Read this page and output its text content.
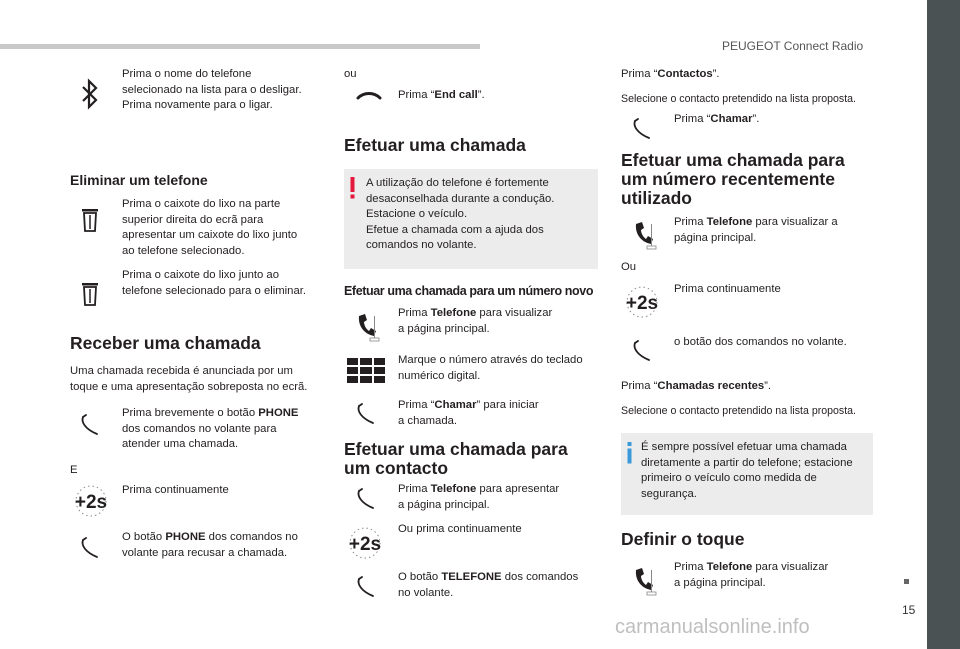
PEUGEOT Connect Radio
15
carmanualsonline.info
Prima o nome do telefone
selecionado na lista para o desligar.
Prima novamente para o ligar.
Eliminar um telefone
Prima o caixote do lixo na parte
superior direita do ecrã para
apresentar um caixote do lixo junto
ao telefone selecionado.
Prima o caixote do lixo junto ao
telefone selecionado para o eliminar.
Receber uma chamada
Uma chamada recebida é anunciada por um
toque e uma apresentação sobreposta no ecrã.
Prima brevemente o botão PHONE
dos comandos no volante para
atender uma chamada.
E
+2s
Prima continuamente
O botão PHONE dos comandos no
volante para recusar a chamada.
ou
Prima “End call”.
Efetuar uma chamada
A utilização do telefone é fortemente
desaconselhada durante a condução.
Estacione o veículo.
Efetue a chamada com a ajuda dos
comandos no volante.
Efetuar uma chamada para um número novo
Prima Telefone para visualizar
a página principal.
Marque o número através do teclado
numérico digital.
Prima “Chamar” para iniciar
a chamada.
Efetuar uma chamada para
um contacto
Prima Telefone para apresentar
a página principal.
+2s
Ou prima continuamente
O botão TELEFONE dos comandos
no volante.
Prima “Contactos”.
Selecione o contacto pretendido na lista proposta.
Prima “Chamar”.
Efetuar uma chamada para
um número recentemente
utilizado
Prima Telefone para visualizar a
página principal.
Ou
+2s
Prima continuamente
o botão dos comandos no volante.
Prima “Chamadas recentes”.
Selecione o contacto pretendido na lista proposta.
É sempre possível efetuar uma chamada
diretamente a partir do telefone; estacione
primeiro o veículo como medida de
segurança.
Definir o toque
Prima Telefone para visualizar
a página principal.
